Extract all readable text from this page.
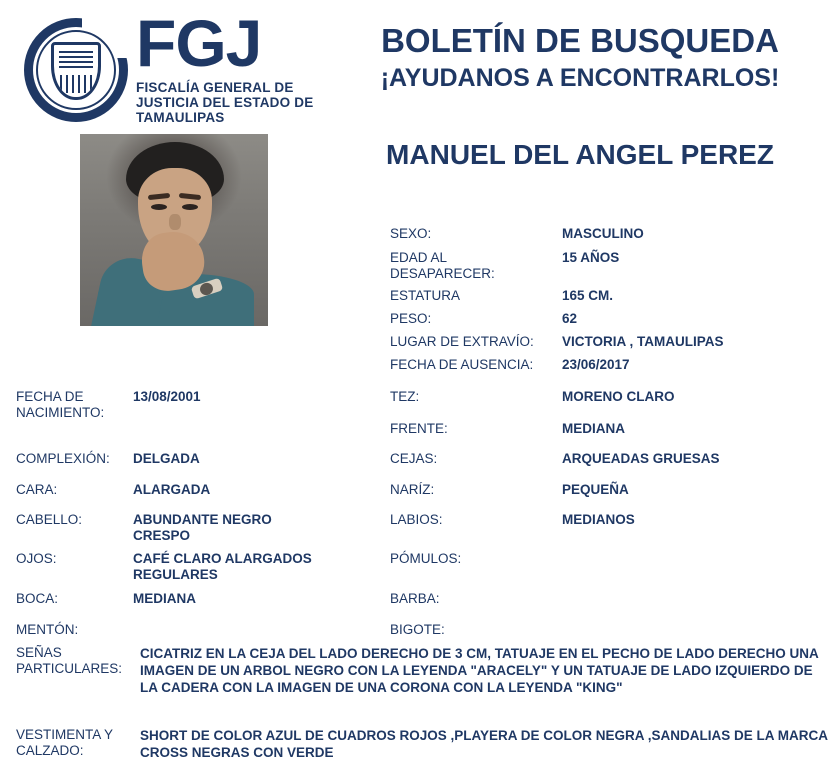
FGJ
FISCALÍA GENERAL DE JUSTICIA DEL ESTADO DE TAMAULIPAS
BOLETÍN DE BUSQUEDA
¡AYUDANOS A ENCONTRARLOS!
MANUEL DEL ANGEL PEREZ
SEXO:	MASCULINO
EDAD AL DESAPARECER:
15 AÑOS
ESTATURA	165 CM.
PESO:	62
LUGAR DE EXTRAVÍO: VICTORIA , TAMAULIPAS
FECHA DE AUSENCIA: 23/06/2017
TEZ:	MORENO CLARO
FRENTE:	MEDIANA
CEJAS:	ARQUEADAS GRUESAS
NARÍZ:	PEQUEÑA
LABIOS:	MEDIANOS
PÓMULOS:
BARBA:
BIGOTE:
FECHA DE NACIMIENTO:
13/08/2001
COMPLEXIÓN: DELGADA
CARA:	ALARGADA
CABELLO:	ABUNDANTE NEGRO CRESPO
OJOS:	CAFÉ CLARO ALARGADOS REGULARES
BOCA:	MEDIANA
MENTÓN:
SEÑAS PARTICULARES:
CICATRIZ EN LA CEJA DEL LADO DERECHO DE 3 CM, TATUAJE EN EL PECHO DE LADO DERECHO UNA IMAGEN DE UN ARBOL NEGRO CON LA LEYENDA "ARACELY" Y UN TATUAJE DE LADO IZQUIERDO DE LA CADERA CON LA IMAGEN DE UNA CORONA CON LA LEYENDA "KING"
VESTIMENTA Y CALZADO:
SHORT DE COLOR AZUL DE CUADROS ROJOS ,PLAYERA DE COLOR NEGRA ,SANDALIAS DE LA MARCA CROSS NEGRAS CON VERDE
